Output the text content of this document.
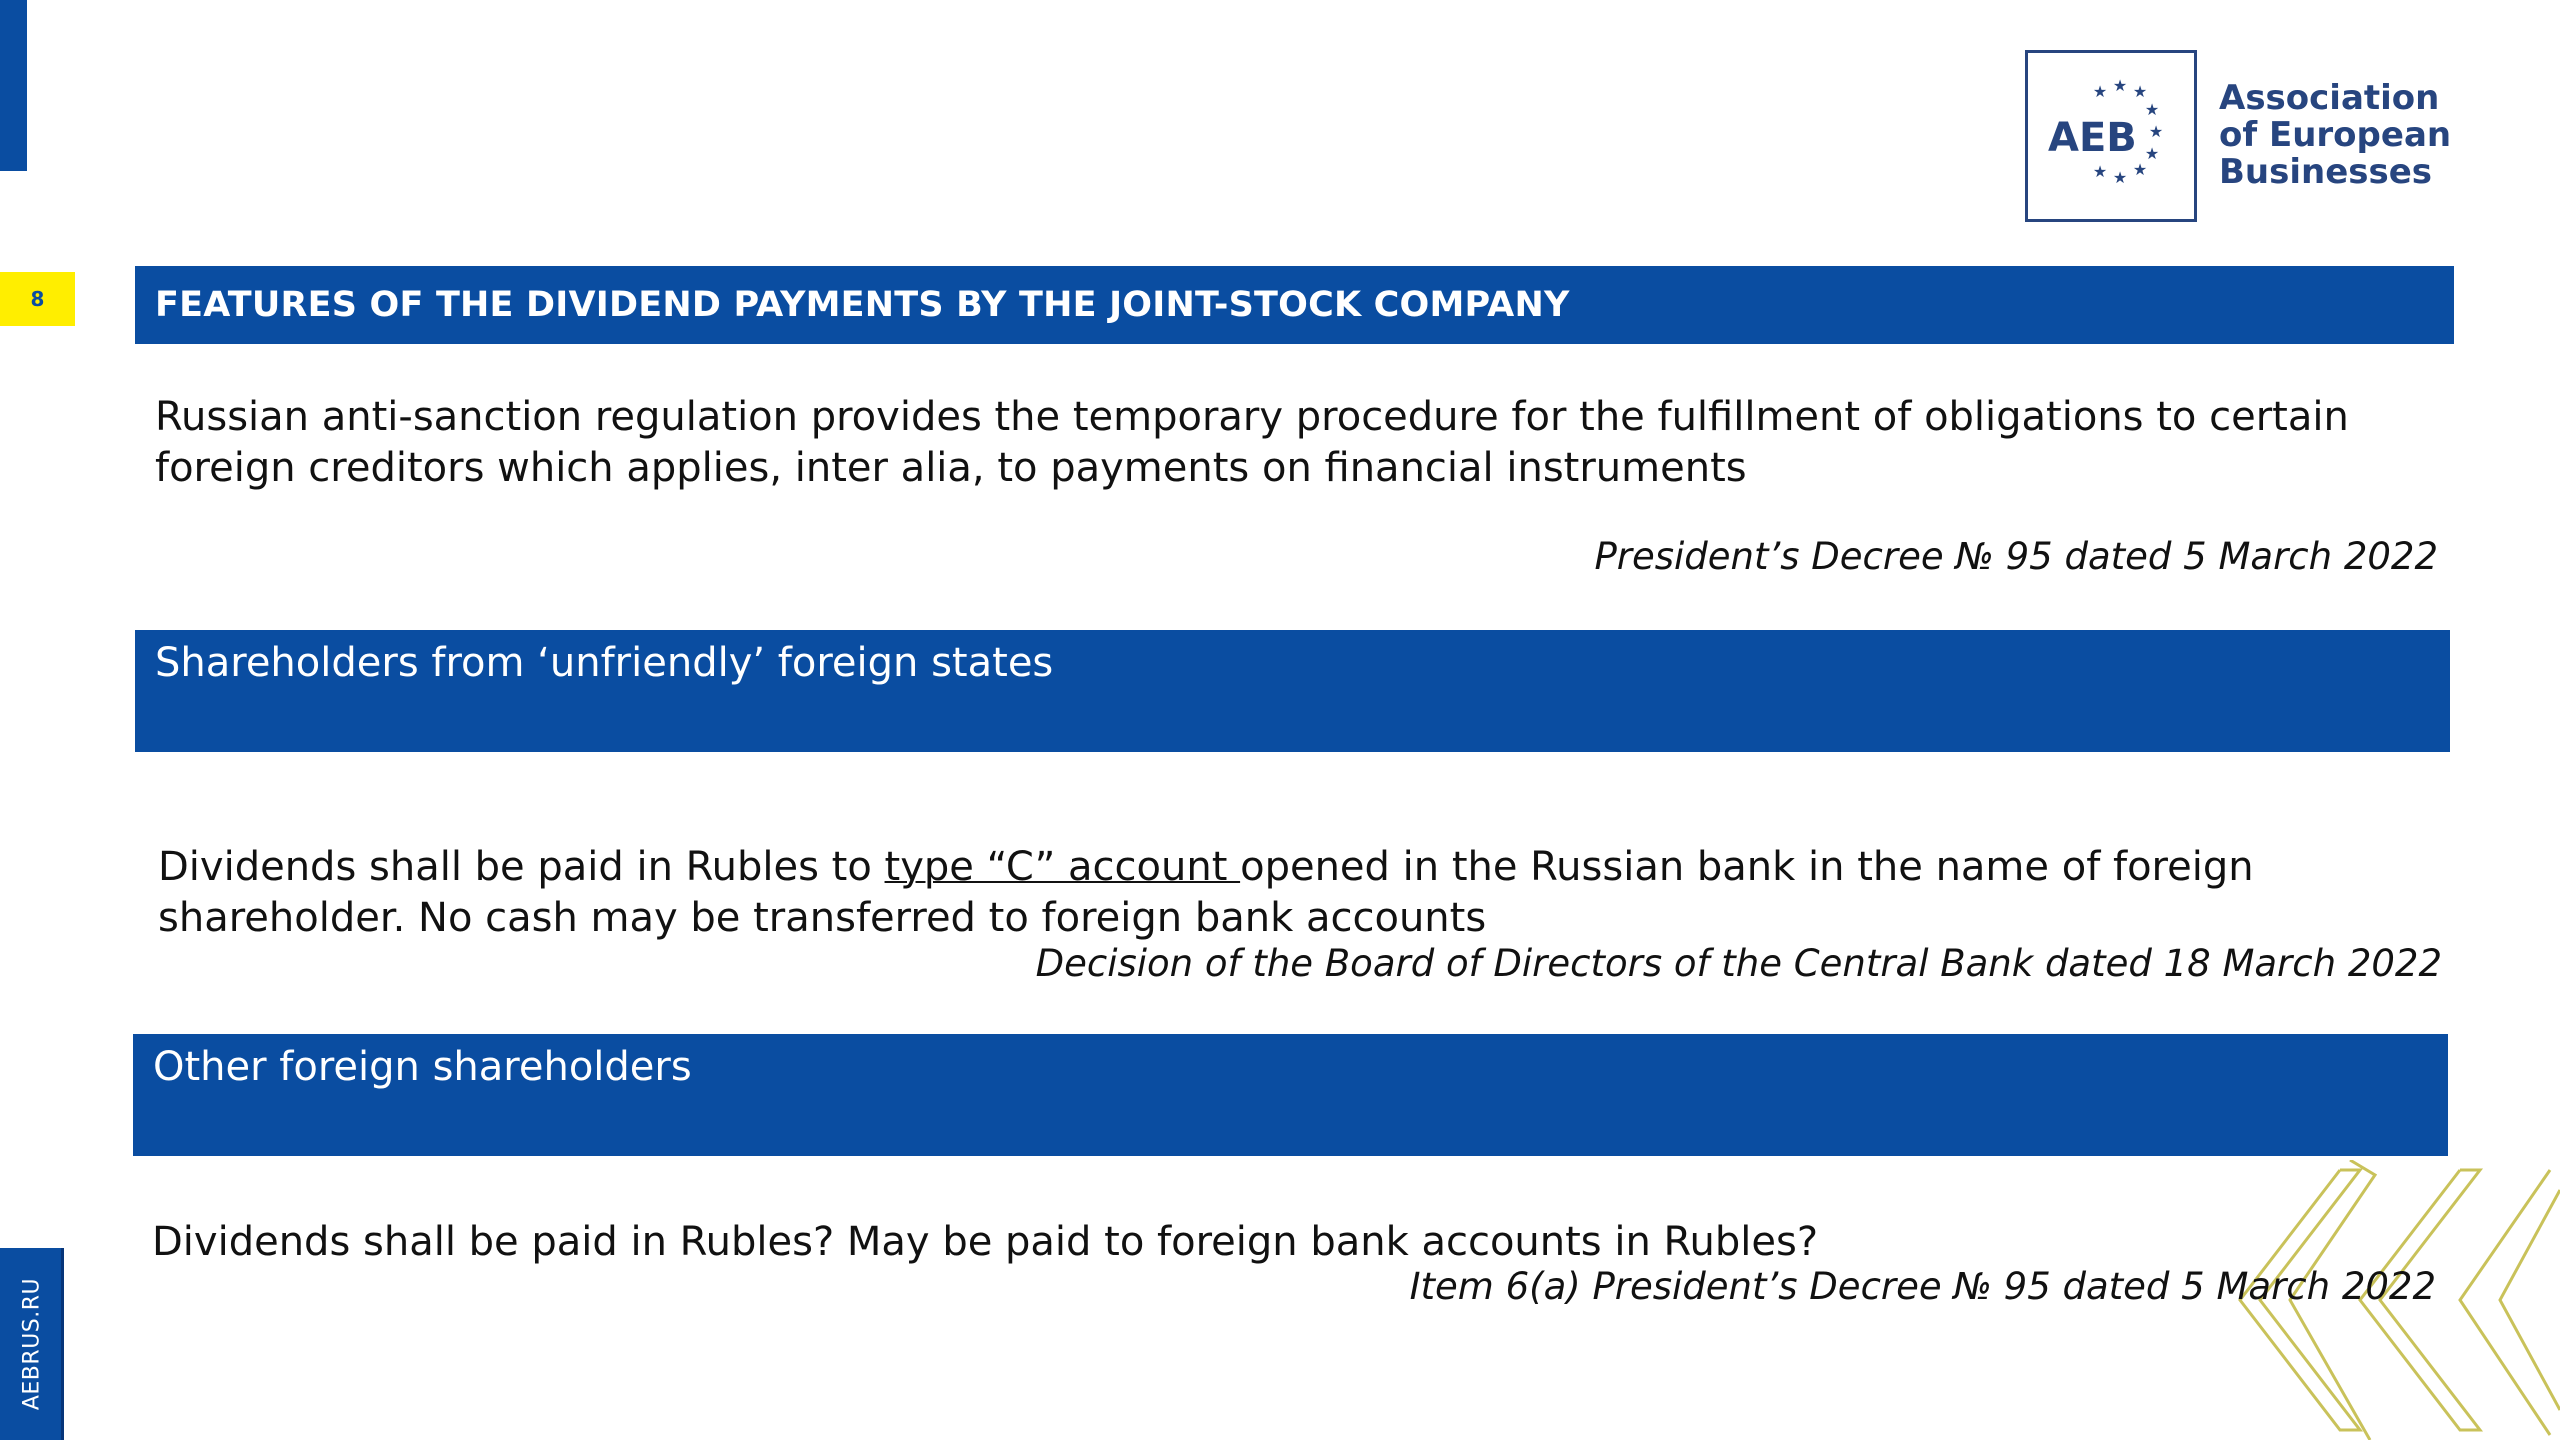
8
AEBRUS.RU
★ ★ ★
★
★
★
★
★
★
AEB
Association
of European
Businesses
FEATURES OF THE DIVIDEND PAYMENTS BY THE JOINT-STOCK COMPANY
Russian anti-sanction regulation provides the temporary procedure for the fulfillment of obligations to certain foreign creditors which applies, inter alia, to payments on financial instruments
President’s Decree № 95 dated 5 March 2022
Shareholders from ‘unfriendly’ foreign states
Dividends shall be paid in Rubles to type “C” account opened in the Russian bank in the name of foreign shareholder. No cash may be transferred to foreign bank accounts
Decision of the Board of Directors of the Central Bank dated 18 March 2022
Other foreign shareholders
Dividends shall be paid in Rubles? May be paid to foreign bank accounts in Rubles?
Item 6(a) President’s Decree № 95 dated 5 March 2022
